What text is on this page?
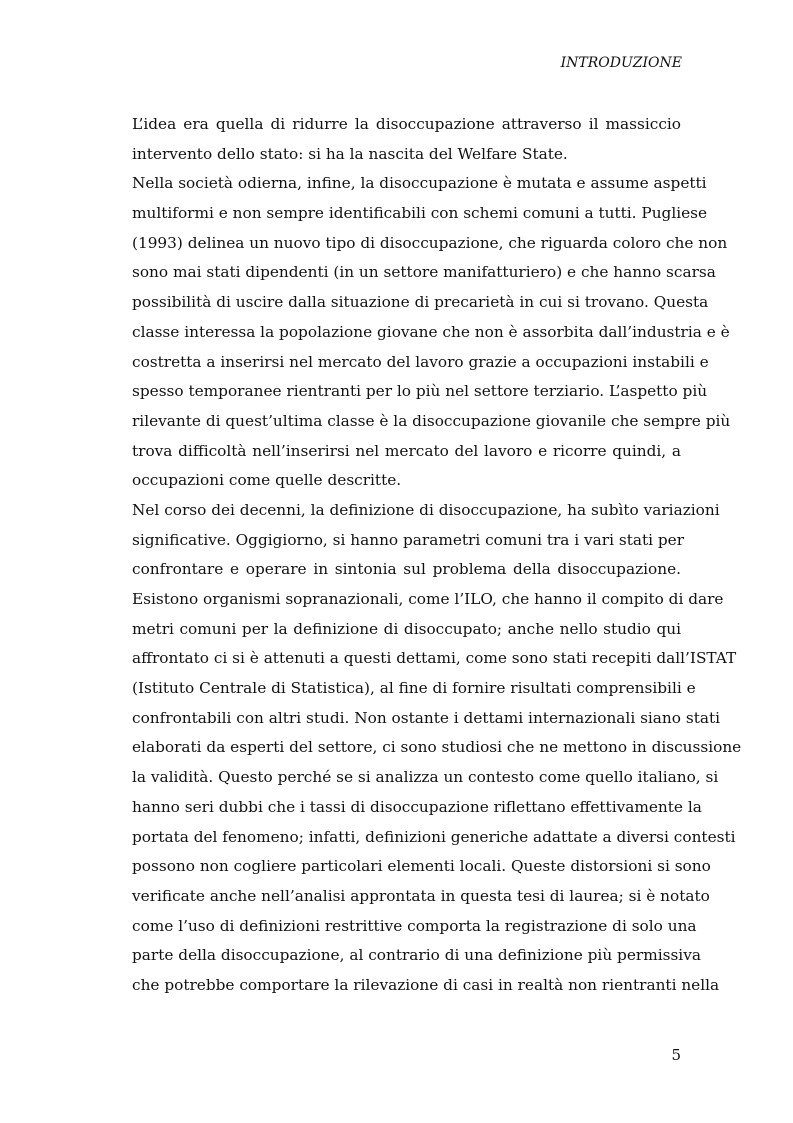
INTRODUZIONE
L’idea era quella di ridurre la disoccupazione attraverso il massiccio
intervento dello stato: si ha la nascita del Welfare State.
Nella società odierna, infine, la disoccupazione è mutata e assume aspetti
multiformi e non sempre identificabili con schemi comuni a tutti. Pugliese
(1993) delinea un nuovo tipo di disoccupazione, che riguarda coloro che non
sono mai stati dipendenti (in un settore manifatturiero) e che hanno scarsa
possibilità di uscire dalla situazione di precarietà in cui si trovano. Questa
classe interessa la popolazione giovane che non è assorbita dall’industria e è
costretta a inserirsi nel mercato del lavoro grazie a occupazioni instabili e
spesso temporanee rientranti per lo più nel settore terziario. L’aspetto più
rilevante di quest’ultima classe è la disoccupazione giovanile che sempre più
trova difficoltà nell’inserirsi nel mercato del lavoro e ricorre quindi, a
occupazioni come quelle descritte.
Nel corso dei decenni, la definizione di disoccupazione, ha subìto variazioni
significative. Oggigiorno, si hanno parametri comuni tra i vari stati per
confrontare e operare in sintonia sul problema della disoccupazione.
Esistono organismi sopranazionali, come l’ILO, che hanno il compito di dare
metri comuni per la definizione di disoccupato; anche nello studio qui
affrontato ci si è attenuti a questi dettami, come sono stati recepiti dall’ISTAT
(Istituto Centrale di Statistica), al fine di fornire risultati comprensibili e
confrontabili con altri studi. Non ostante i dettami internazionali siano stati
elaborati da esperti del settore, ci sono studiosi che ne mettono in discussione
la validità. Questo perché se si analizza un contesto come quello italiano, si
hanno seri dubbi che i tassi di disoccupazione riflettano effettivamente la
portata del fenomeno; infatti, definizioni generiche adattate a diversi contesti
possono non cogliere particolari elementi locali. Queste distorsioni si sono
verificate anche nell’analisi approntata in questa tesi di laurea; si è notato
come l’uso di definizioni restrittive comporta la registrazione di solo una
parte della disoccupazione, al contrario di una definizione più permissiva
che potrebbe comportare la rilevazione di casi in realtà non rientranti nella
5
